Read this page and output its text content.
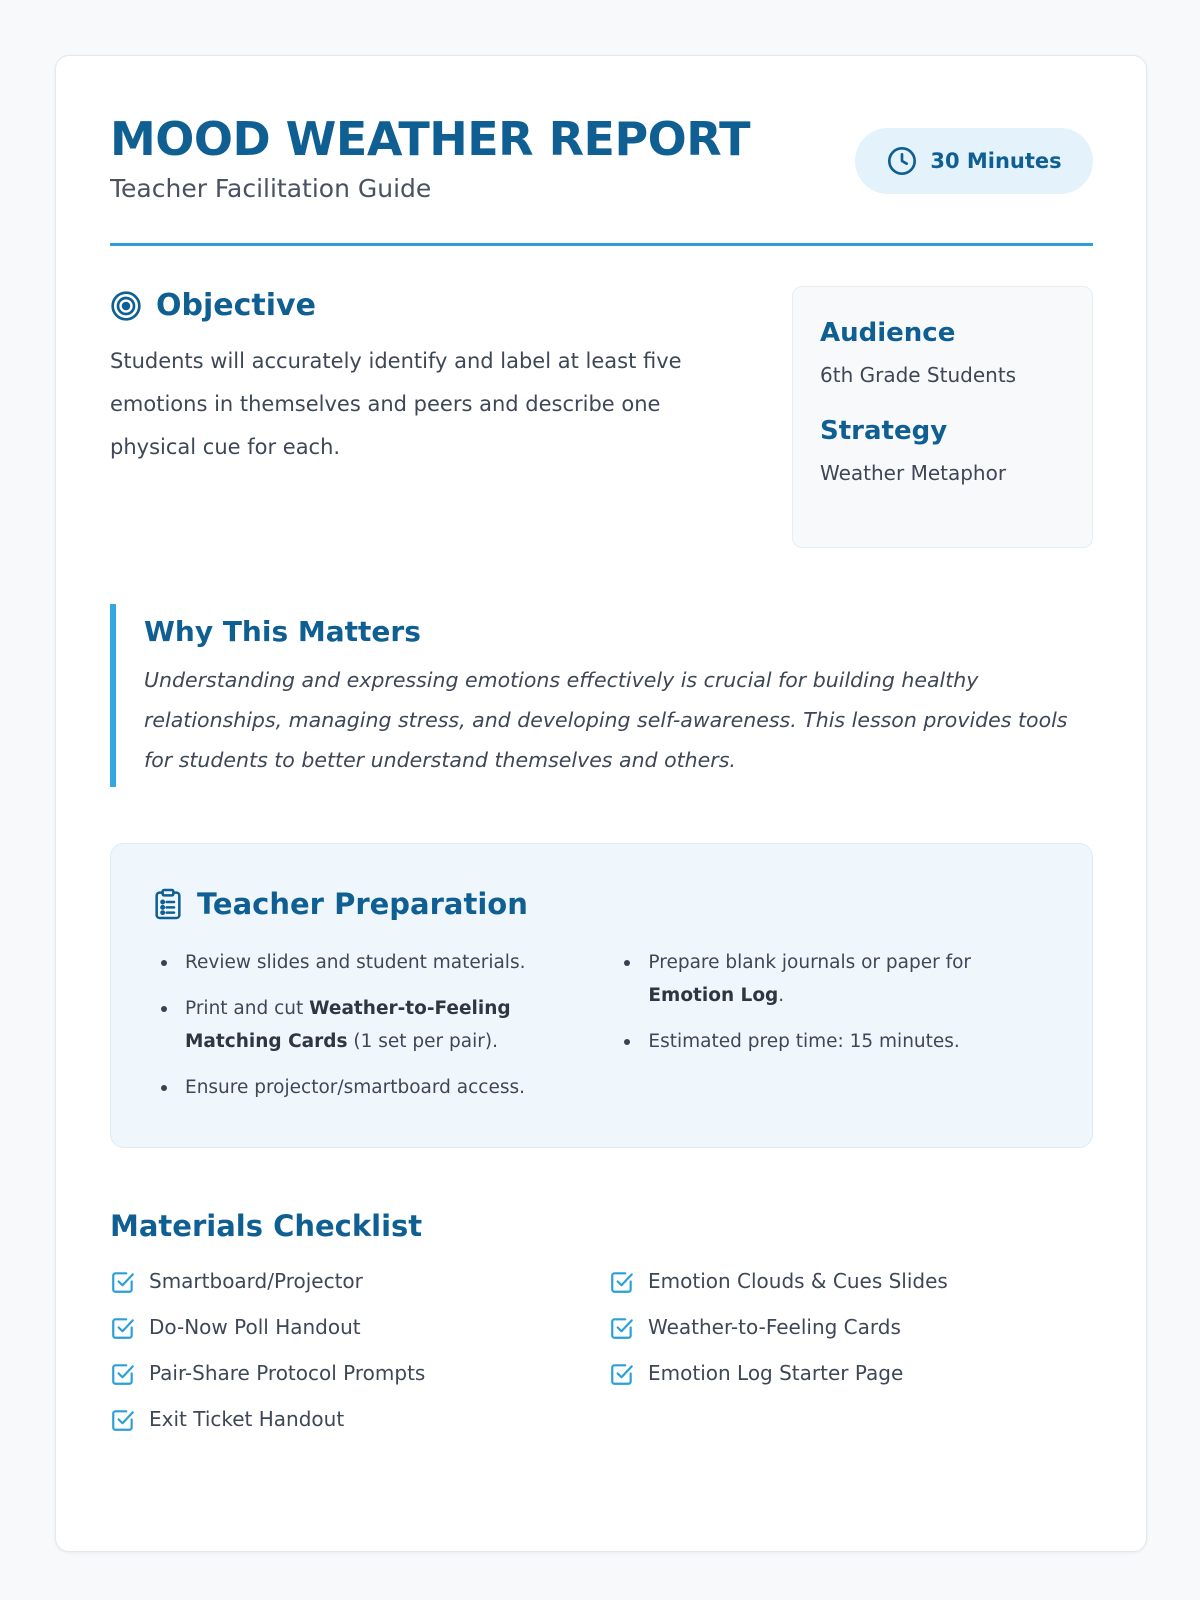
MOOD WEATHER REPORT
Teacher Facilitation Guide
30 Minutes
Objective

Students will accurately identify and label at least five emotions in themselves and peers and describe one physical cue for each.

Audience
6th Grade Students
Strategy
Weather Metaphor
Why This Matters

Understanding and expressing emotions effectively is crucial for building healthy relationships, managing stress, and developing self-awareness. This lesson provides tools for students to better understand themselves and others.

Teacher Preparation
Review slides and student materials.
Print and cut Weather-to-Feeling Matching Cards (1 set per pair).
Ensure projector/smartboard access.
Prepare blank journals or paper for Emotion Log.
Estimated prep time: 15 minutes.
Materials Checklist
Smartboard/Projector	Emotion Clouds & Cues Slides
Do-Now Poll Handout	Weather-to-Feeling Cards
Pair-Share Protocol Prompts	Emotion Log Starter Page
Exit Ticket Handout
